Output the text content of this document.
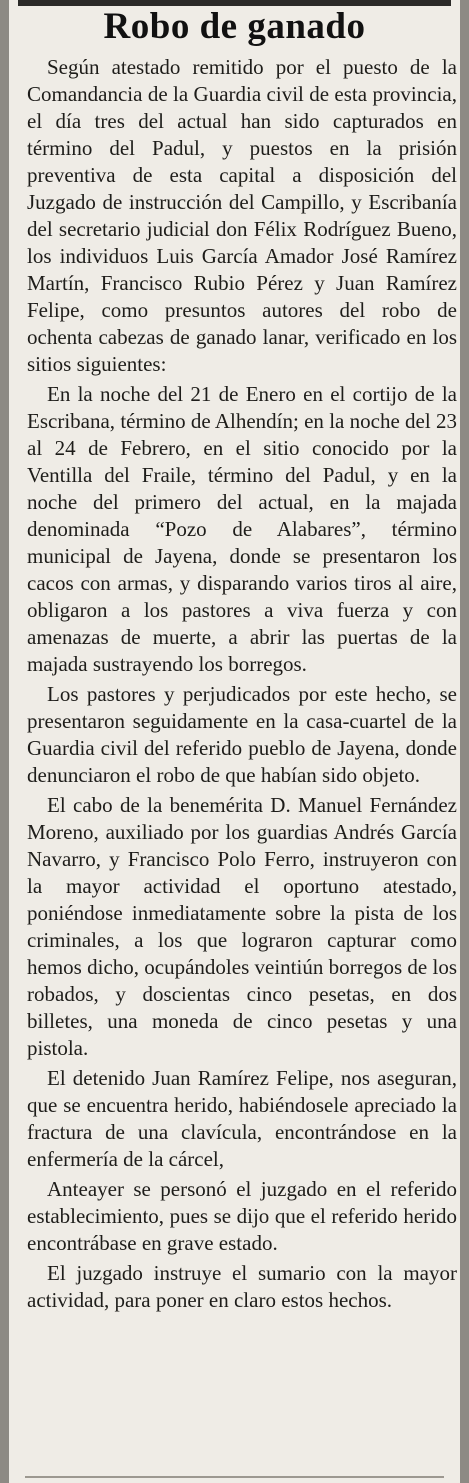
Robo de ganado

Según atestado remitido por el puesto de la Comandancia de la Guardia civil de esta provincia, el día tres del actual han sido capturados en término del Padul, y puestos en la prisión preventiva de esta capital a disposición del Juzgado de instrucción del Campillo, y Escribanía del secretario judicial don Félix Rodríguez Bueno, los individuos Luis García Amador José Ramírez Martín, Francisco Rubio Pérez y Juan Ramírez Felipe, como presuntos autores del robo de ochenta cabezas de ganado lanar, verificado en los sitios siguientes:

En la noche del 21 de Enero en el cortijo de la Escribana, término de Alhendín; en la noche del 23 al 24 de Febrero, en el sitio conocido por la Ventilla del Fraile, término del Padul, y en la noche del primero del actual, en la majada denominada “Pozo de Alabares”, término municipal de Jayena, donde se presentaron los cacos con armas, y disparando varios tiros al aire, obligaron a los pastores a viva fuerza y con amenazas de muerte, a abrir las puertas de la majada sustrayendo los borregos.

Los pastores y perjudicados por este hecho, se presentaron seguidamente en la casa-cuartel de la Guardia civil del referido pueblo de Jayena, donde denunciaron el robo de que habían sido objeto.

El cabo de la benemérita D. Manuel Fernández Moreno, auxiliado por los guardias Andrés García Navarro, y Francisco Polo Ferro, instruyeron con la mayor actividad el oportuno atestado, poniéndose inmediatamente sobre la pista de los criminales, a los que lograron capturar como hemos dicho, ocupándoles veintiún borregos de los robados, y doscientas cinco pesetas, en dos billetes, una moneda de cinco pesetas y una pistola.

El detenido Juan Ramírez Felipe, nos aseguran, que se encuentra herido, habiéndosele apreciado la fractura de una clavícula, encontrándose en la enfermería de la cárcel,

Anteayer se personó el juzgado en el referido establecimiento, pues se dijo que el referido herido encontrábase en grave estado.

El juzgado instruye el sumario con la mayor actividad, para poner en claro estos hechos.
